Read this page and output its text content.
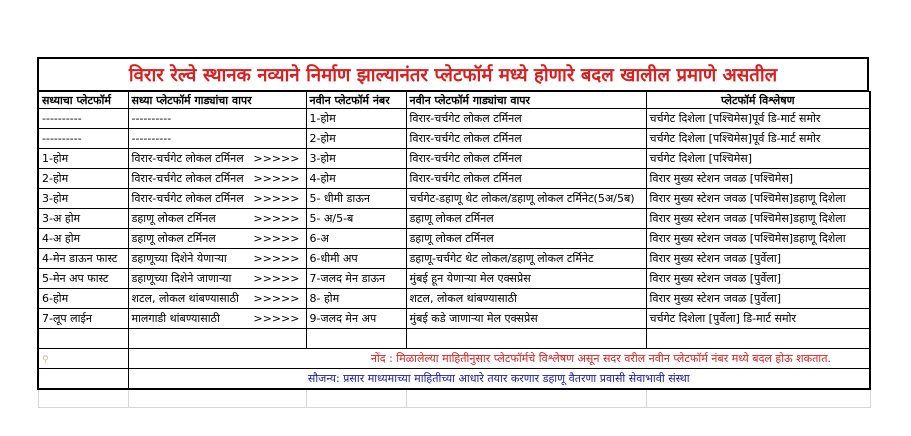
विरार रेल्वे स्थानक नव्याने निर्माण झाल्यानंतर प्लेटफॉर्म मध्ये होणारे बदल खालील प्रमाणे असतील
सध्याचा प्लेटफॉर्म	सध्या प्लेटफॉर्म गाड्यांचा वापर	नवीन प्लेटफॉर्म नंबर	नवीन प्लेटफॉर्म गाड्यांचा वापर	प्लेटफॉर्म विश्लेषण
----------	----------	1-होम	विरार-चर्चगेट लोकल टर्मिनल	चर्चगेट दिशेला [पश्चिमेस]पूर्व डि-मार्ट समोर
----------	----------	2-होम	विरार-चर्चगेट लोकल टर्मिनल	चर्चगेट दिशेला [पश्चिमेस]पूर्व डि-मार्ट समोर
1-होम	विरार-चर्चगेट लोकल टर्मिनल >>>>>	3-होम	विरार-चर्चगेट लोकल टर्मिनल	चर्चगेट दिशेला [पश्चिमेस]
2-होम	विरार-चर्चगेट लोकल टर्मिनल >>>>>	4-होम	विरार-चर्चगेट लोकल टर्मिनल	विरार मुख्य स्टेशन जवळ [पश्चिमेस]
3-होम	विरार-चर्चगेट लोकल टर्मिनल >>>>>	5- धीमी डाऊन	चर्चगेट-डहाणू थेट लोकल/डहाणू लोकल टर्मिनेट(5अ/5ब)	विरार मुख्य स्टेशन जवळ [पश्चिमेस]डहाणू दिशेला
3-अ होम	डहाणू लोकल टर्मिनल >>>>>	5- अ/5-ब	डहाणू लोकल टर्मिनल	विरार मुख्य स्टेशन जवळ [पश्चिमेस]डहाणू दिशेला
4-अ होम	डहाणू लोकल टर्मिनल >>>>>	6-अ	डहाणू लोकल टर्मिनल	विरार मुख्य स्टेशन जवळ [पश्चिमेस]डहाणू दिशेला
4-मेन डाऊन फास्ट	डहाणूच्या दिशेने येणाऱ्या >>>>>	6-धीमी अप	डहाणू-चर्चगेट थेट लोकल/डहाणू लोकल टर्मिनेट	विरार मुख्य स्टेशन जवळ [पुर्वेला]
5-मेन अप फास्ट	डहाणूच्या दिशेने जाणाऱ्या >>>>>	7-जलद मेन डाऊन	मुंबई हून येणाऱ्या मेल एक्सप्रेस	विरार मुख्य स्टेशन जवळ [पुर्वेला]
6-होम	शटल, लोकल थांबण्यासाठी >>>>>	8- होम	शटल, लोकल थांबण्यासाठी	विरार मुख्य स्टेशन जवळ [पुर्वेला]
7-लूप लाईन	मालगाडी थांबण्यासाठी >>>>>	9-जलद मेन अप	मुंबई कडे जाणाऱ्या मेल एक्सप्रेस	चर्चगेट दिशेला [पुर्वेला] डि-मार्ट समोर

⚲	नोंद : मिळालेल्या माहितीनुसार प्लेटफॉर्मचे विश्लेषण असून सदर वरील नवीन प्लेटफॉर्म नंबर मध्ये बदल होऊ शकतात.			
	सौजन्य: प्रसार माध्यमाच्या माहितीच्या आधारे तयार करणार डहाणू वैतरणा प्रवासी सेवाभावी संस्था			
